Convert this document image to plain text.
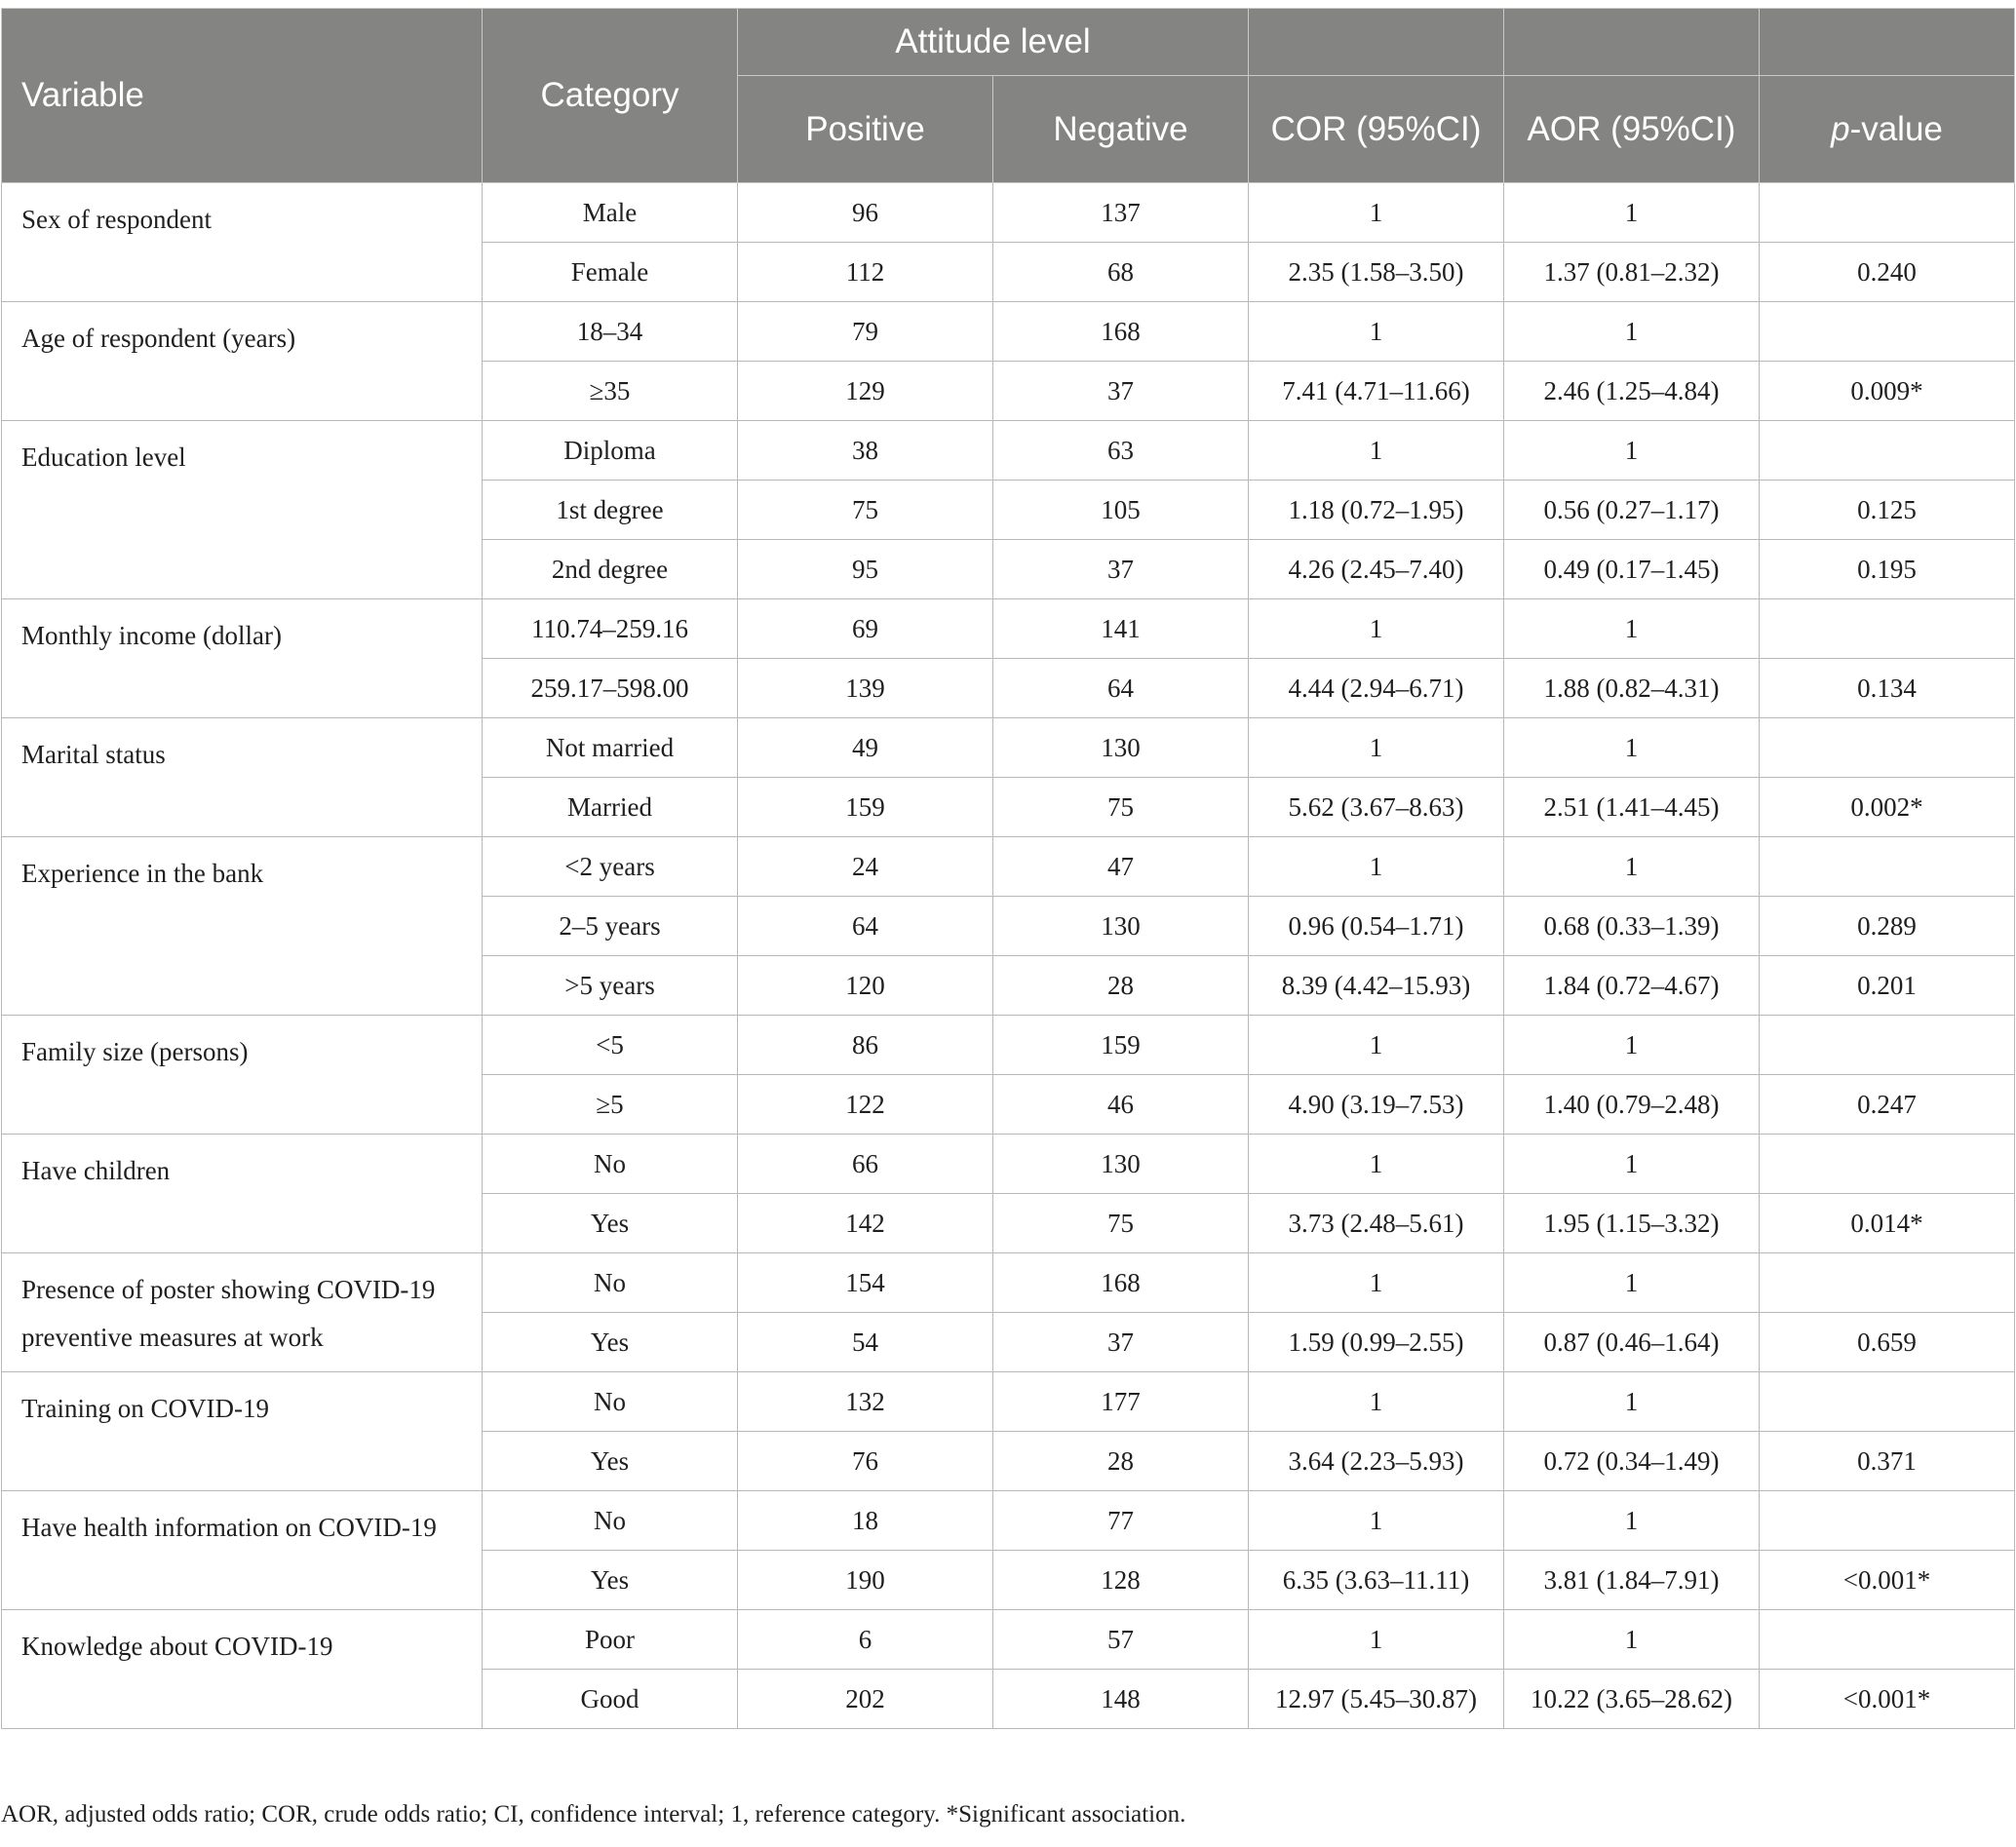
Variable	Category	Attitude level				
		Positive	Negative	COR (95%CI)	AOR (95%CI)	p-value
Sex of respondent	Male	96	137	1	1	
	Female	112	68	2.35 (1.58–3.50)	1.37 (0.81–2.32)	0.240
Age of respondent (years)	18–34	79	168	1	1	
	≥35	129	37	7.41 (4.71–11.66)	2.46 (1.25–4.84)	0.009*
Education level	Diploma	38	63	1	1	
	1st degree	75	105	1.18 (0.72–1.95)	0.56 (0.27–1.17)	0.125
	2nd degree	95	37	4.26 (2.45–7.40)	0.49 (0.17–1.45)	0.195
Monthly income (dollar)	110.74–259.16	69	141	1	1	
	259.17–598.00	139	64	4.44 (2.94–6.71)	1.88 (0.82–4.31)	0.134
Marital status	Not married	49	130	1	1	
	Married	159	75	5.62 (3.67–8.63)	2.51 (1.41–4.45)	0.002*
Experience in the bank	<2 years	24	47	1	1	
	2–5 years	64	130	0.96 (0.54–1.71)	0.68 (0.33–1.39)	0.289
	>5 years	120	28	8.39 (4.42–15.93)	1.84 (0.72–4.67)	0.201
Family size (persons)	<5	86	159	1	1	
	≥5	122	46	4.90 (3.19–7.53)	1.40 (0.79–2.48)	0.247
Have children	No	66	130	1	1	
	Yes	142	75	3.73 (2.48–5.61)	1.95 (1.15–3.32)	0.014*
Presence of poster showing COVID-19 preventive measures at work	No	154	168	1	1	
	Yes	54	37	1.59 (0.99–2.55)	0.87 (0.46–1.64)	0.659
Training on COVID-19	No	132	177	1	1	
	Yes	76	28	3.64 (2.23–5.93)	0.72 (0.34–1.49)	0.371
Have health information on COVID-19	No	18	77	1	1	
	Yes	190	128	6.35 (3.63–11.11)	3.81 (1.84–7.91)	<0.001*
Knowledge about COVID-19	Poor	6	57	1	1	
	Good	202	148	12.97 (5.45–30.87)	10.22 (3.65–28.62)	<0.001*
AOR, adjusted odds ratio; COR, crude odds ratio; CI, confidence interval; 1, reference category. *Significant association.
